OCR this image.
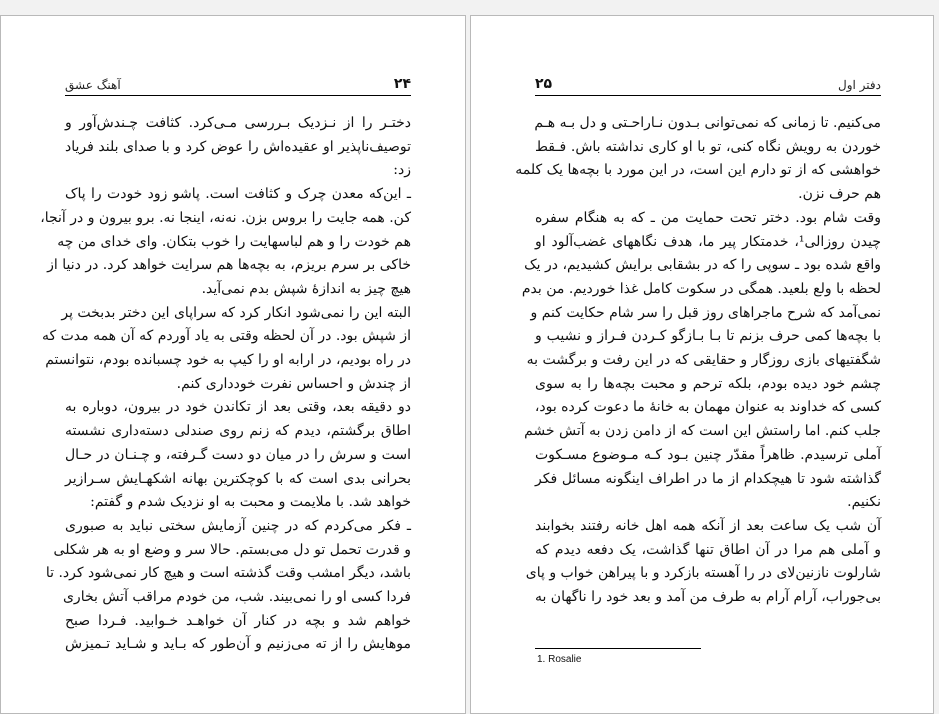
آهنگ عشق	۲۴
دختـر را از نـزدیک بـررسی مـی‌کرد. کثافت چـندش‌آور و
توصیف‌ناپذیر او عقیده‌اش را عوض کرد و با صدای بلند فریاد
زد:
ـ این‌که معدن چرک و کثافت است. پاشو زود خودت را پاک
کن. همه جایت را بروس بزن. نه‌نه، اینجا نه. برو بیرون و در آنجا،
هم خودت را و هم لباسهایت را خوب بتکان. وای خدای من چه
خاکی بر سرم بریزم، به بچه‌ها هم سرایت خواهد کرد. در دنیا از
هیچ چیز به اندازهٔ شپش بدم نمی‌آید.
البته این را نمی‌شود انکار کرد که سراپای این دختر بدبخت پر
از شپش بود. در آن لحظه وقتی به یاد آوردم که آن همه مدت که
در راه بودیم، در ارابه او را کیپ به خود چسبانده بودم، نتوانستم
از چندش و احساس نفرت خودداری کنم.
دو دقیقه بعد، وقتی بعد از تکاندن خود در بیرون، دوباره به
اطاق برگشتم، دیدم که زنم روی صندلی دسته‌داری نشسته
است و سرش را در میان دو دست گـرفته، و چـنـان در حـال
بحرانی بدی است که با کوچکترین بهانه اشکهـایش سـرازیر
خواهد شد. با ملایمت و محبت به او نزدیک شدم و گفتم:
ـ فکر می‌کردم که در چنین آزمایش سختی نباید به صبوری
و قدرت تحمل تو دل می‌بستم. حالا سر و وضع او به هر شکلی
باشد، دیگر امشب وقت گذشته است و هیچ کار نمی‌شود کرد. تا
فردا کسی او را نمی‌بیند. شب، من خودم مراقب آتش بخاری
خواهم شد و بچه در کنار آن خواهـد خـوابید. فـردا صبح
موهایش را از ته می‌زنیم و آن‌طور که بـاید و شـاید تـمیزش
۲۵	دفتر اول
می‌کنیم. تا زمانی که نمی‌توانی بـدون نـاراحـتی و دل بـه هـم
خوردن به رویش نگاه کنی، تو با او کاری نداشته باش. فـقط
خواهشی که از تو دارم این است، در این مورد با بچه‌ها یک کلمه
هم حرف نزن.
وقت شام بود. دختر تحت حمایت من ـ که به هنگام سفره
چیدن روزالی¹، خدمتکار پیر ما، هدف نگاههای غضب‌آلود او
واقع شده بود ـ سوپی را که در بشقابی برایش کشیدیم، در یک
لحظه با ولع بلعید. همگی در سکوت کامل غذا خوردیم. من بدم
نمی‌آمد که شرح ماجراهای روز قبل را سر شام حکایت کنم و
با بچه‌ها کمی حرف بزنم تا بـا بـازگو کـردن فـراز و نشیب و
شگفتیهای بازی روزگار و حقایقی که در این رفت و برگشت به
چشم خود دیده بودم، بلکه ترحم و محبت بچه‌ها را به سوی
کسی که خداوند به عنوان مهمان به خانهٔ ما دعوت کرده بود،
جلب کنم. اما راستش این است که از دامن زدن به آتش خشم
آملی ترسیدم. ظاهراً مقدّر چنین بـود کـه مـوضوع مسـکوت
گذاشته شود تا هیچکدام از ما در اطراف اینگونه مسائل فکر
نکنیم.
آن شب یک ساعت بعد از آنکه همه اهل خانه رفتند بخوابند
و آملی هم مرا در آن اطاق تنها گذاشت، یک دفعه دیدم که
شارلوت نازنین‌لای در را آهسته بازکرد و با پیراهن خواب و پای
بی‌جوراب، آرام آرام به طرف من آمد و بعد خود را ناگهان به
1. Rosalie
